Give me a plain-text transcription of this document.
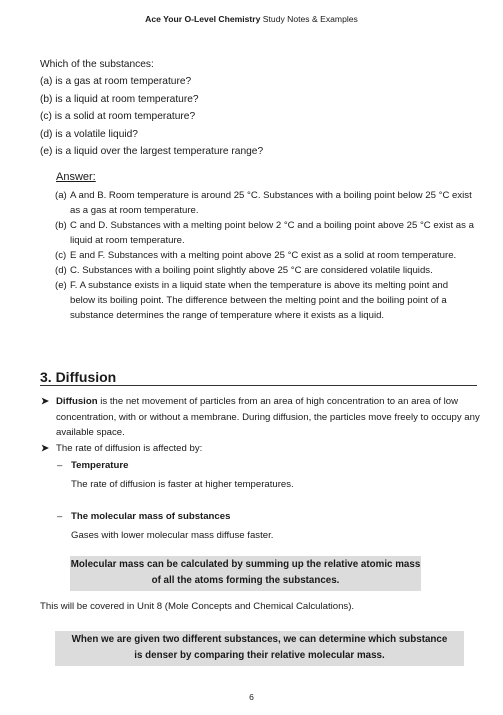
Ace Your O-Level Chemistry Study Notes & Examples
Which of the substances:
(a) is a gas at room temperature?
(b) is a liquid at room temperature?
(c) is a solid at room temperature?
(d) is a volatile liquid?
(e) is a liquid over the largest temperature range?
Answer:
(a) A and B. Room temperature is around 25 °C. Substances with a boiling point below 25 °C exist as a gas at room temperature.
(b) C and D. Substances with a melting point below 2 °C and a boiling point above 25 °C exist as a liquid at room temperature.
(c) E and F. Substances with a melting point above 25 °C exist as a solid at room temperature.
(d) C. Substances with a boiling point slightly above 25 °C are considered volatile liquids.
(e) F. A substance exists in a liquid state when the temperature is above its melting point and below its boiling point. The difference between the melting point and the boiling point of a substance determines the range of temperature where it exists as a liquid.
3. Diffusion
➤ Diffusion is the net movement of particles from an area of high concentration to an area of low concentration, with or without a membrane. During diffusion, the particles move freely to occupy any available space.
➤ The rate of diffusion is affected by:
– Temperature
The rate of diffusion is faster at higher temperatures.
– The molecular mass of substances
Gases with lower molecular mass diffuse faster.
Molecular mass can be calculated by summing up the relative atomic mass
of all the atoms forming the substances.
This will be covered in Unit 8 (Mole Concepts and Chemical Calculations).
When we are given two different substances, we can determine which substance
is denser by comparing their relative molecular mass.
6
